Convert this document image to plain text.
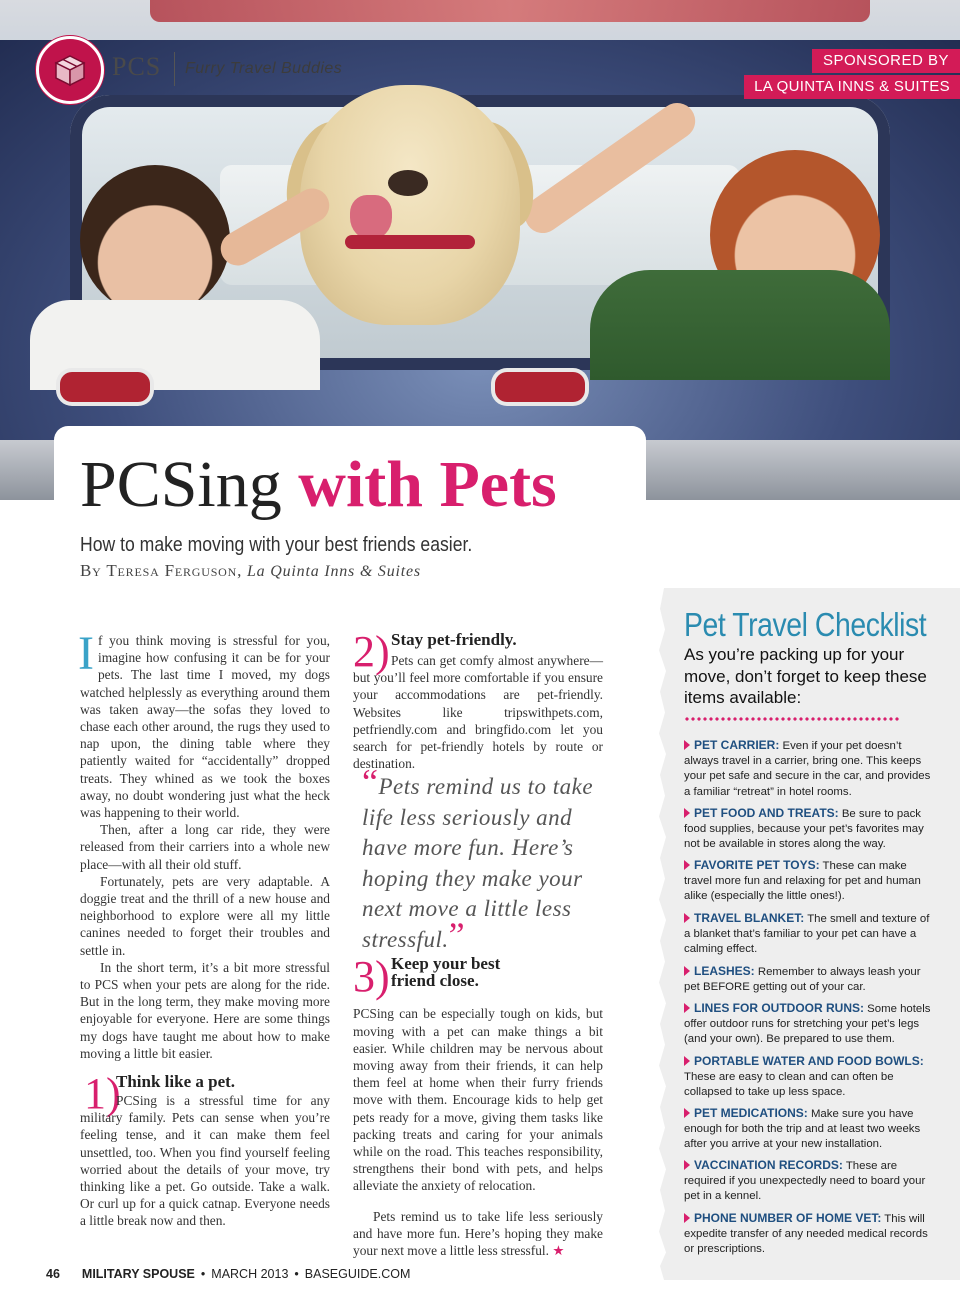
PCS Furry Travel Buddies	SPONSORED BY
LA QUINTA INNS & SUITES
PCSing with Pets
How to make moving with your best friends easier.
By Teresa Ferguson, La Quinta Inns & Suites

If you think moving is stressful for you, imagine how confusing it can be for your pets. The last time I moved, my dogs watched helplessly as everything around them was taken away—the sofas they loved to chase each other around, the rugs they used to nap upon, the dining table where they patiently waited for “accidentally” dropped treats. They whined as we took the boxes away, no doubt wondering just what the heck was happening to their world.

Then, after a long car ride, they were released from their carriers into a whole new place—with all their old stuff.

Fortunately, pets are very adaptable. A doggie treat and the thrill of a new house and neighborhood to explore were all my little canines needed to forget their troubles and settle in.

In the short term, it’s a bit more stressful to PCS when your pets are along for the ride. But in the long term, they make moving more enjoyable for everyone. Here are some things my dogs have taught me about how to make moving a little bit easier.

1)
Think like a pet.
PCSing is a stressful time for any military family. Pets can sense when you’re feeling tense, and it can make them feel unsettled, too. When you find yourself feeling worried about the details of your move, try thinking like a pet. Go outside. Take a walk. Or curl up for a quick catnap. Everyone needs a little break now and then.
2) Stay pet-friendly.
Pets can get comfy almost anywhere—but you’ll feel more comfortable if you ensure your accommodations are pet-friendly. Websites like tripswithpets.com, petfriendly.com and bringfido.com let you search for pet-friendly hotels by route or destination.
“Pets remind us to take life less seriously and have more fun. Here’s hoping they make your next move a little less stressful.”
3) Keep your best friend close.

PCSing can be especially tough on kids, but moving with a pet can make things a bit easier. While children may be nervous about moving away from their friends, it can help them feel at home when their furry friends move with them. Encourage kids to help get pets ready for a move, giving them tasks like packing treats and caring for your animals while on the road. This teaches responsibility, strengthens their bond with pets, and helps alleviate the anxiety of relocation.

Pets remind us to take life less seriously and have more fun. Here’s hoping they make your next move a little less stressful. ★

Pet Travel Checklist
As you’re packing up for your move, don’t forget to keep these items available:
PET CARRIER: Even if your pet doesn’t always travel in a carrier, bring one. This keeps your pet safe and secure in the car, and provides a familiar “retreat” in hotel rooms.
PET FOOD AND TREATS: Be sure to pack food supplies, because your pet’s favorites may not be available in stores along the way.
FAVORITE PET TOYS: These can make travel more fun and relaxing for pet and human alike (especially the little ones!).
TRAVEL BLANKET: The smell and texture of a blanket that’s familiar to your pet can have a calming effect.
LEASHES: Remember to always leash your pet BEFORE getting out of your car.
LINES FOR OUTDOOR RUNS: Some hotels offer outdoor runs for stretching your pet’s legs (and your own). Be prepared to use them.
PORTABLE WATER AND FOOD BOWLS: These are easy to clean and can often be collapsed to take up less space.
PET MEDICATIONS: Make sure you have enough for both the trip and at least two weeks after you arrive at your new installation.
VACCINATION RECORDS: These are required if you unexpectedly need to board your pet in a kennel.
PHONE NUMBER OF HOME VET: This will expedite transfer of any needed medical records or prescriptions.
46 MILITARY SPOUSE • MARCH 2013 • BASEGUIDE.COM
